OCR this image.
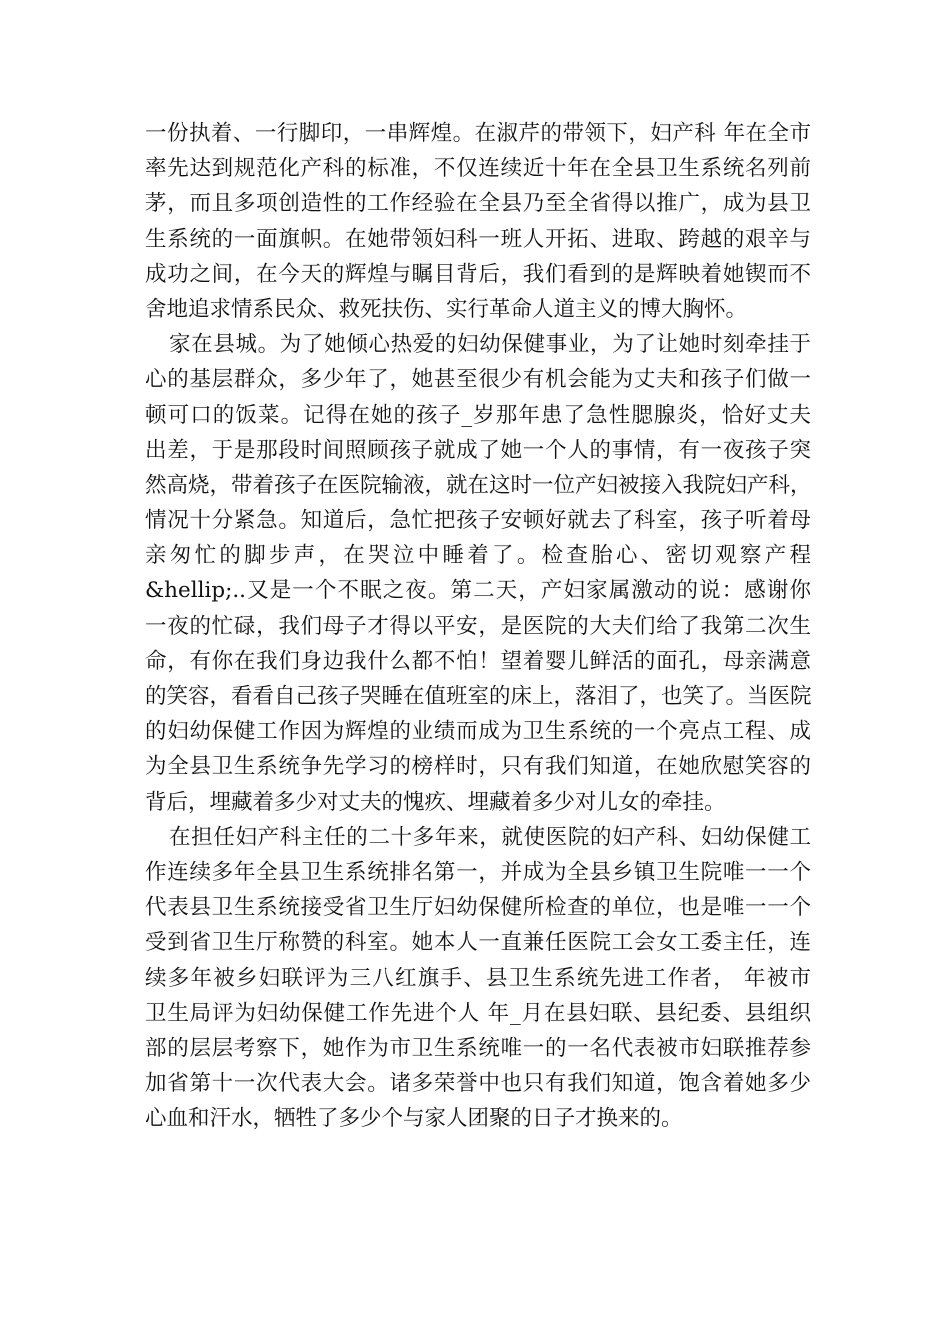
一份执着、一行脚印，一串辉煌。在淑芹的带领下，妇产科 年在全市
率先达到规范化产科的标准，不仅连续近十年在全县卫生系统名列前
茅，而且多项创造性的工作经验在全县乃至全省得以推广，成为县卫
生系统的一面旗帜。在她带领妇科一班人开拓、进取、跨越的艰辛与
成功之间，在今天的辉煌与瞩目背后，我们看到的是辉映着她锲而不
舍地追求情系民众、救死扶伤、实行革命人道主义的博大胸怀。
家在县城。为了她倾心热爱的妇幼保健事业，为了让她时刻牵挂于
心的基层群众，多少年了，她甚至很少有机会能为丈夫和孩子们做一
顿可口的饭菜。记得在她的孩子_岁那年患了急性腮腺炎，恰好丈夫
出差，于是那段时间照顾孩子就成了她一个人的事情，有一夜孩子突
然高烧，带着孩子在医院输液，就在这时一位产妇被接入我院妇产科，
情况十分紧急。知道后，急忙把孩子安顿好就去了科室，孩子听着母
亲匆忙的脚步声，在哭泣中睡着了。检查胎心、密切观察产程
&hellip;..又是一个不眠之夜。第二天，产妇家属激动的说：感谢你
一夜的忙碌，我们母子才得以平安，是医院的大夫们给了我第二次生
命，有你在我们身边我什么都不怕！望着婴儿鲜活的面孔，母亲满意
的笑容，看看自己孩子哭睡在值班室的床上，落泪了，也笑了。当医院
的妇幼保健工作因为辉煌的业绩而成为卫生系统的一个亮点工程、成
为全县卫生系统争先学习的榜样时，只有我们知道，在她欣慰笑容的
背后，埋藏着多少对丈夫的愧疚、埋藏着多少对儿女的牵挂。
在担任妇产科主任的二十多年来，就使医院的妇产科、妇幼保健工
作连续多年全县卫生系统排名第一，并成为全县乡镇卫生院唯一一个
代表县卫生系统接受省卫生厅妇幼保健所检查的单位，也是唯一一个
受到省卫生厅称赞的科室。她本人一直兼任医院工会女工委主任，连
续多年被乡妇联评为三八红旗手、县卫生系统先进工作者， 年被市
卫生局评为妇幼保健工作先进个人 年_月在县妇联、县纪委、县组织
部的层层考察下，她作为市卫生系统唯一的一名代表被市妇联推荐参
加省第十一次代表大会。诸多荣誉中也只有我们知道，饱含着她多少
心血和汗水，牺牲了多少个与家人团聚的日子才换来的。
